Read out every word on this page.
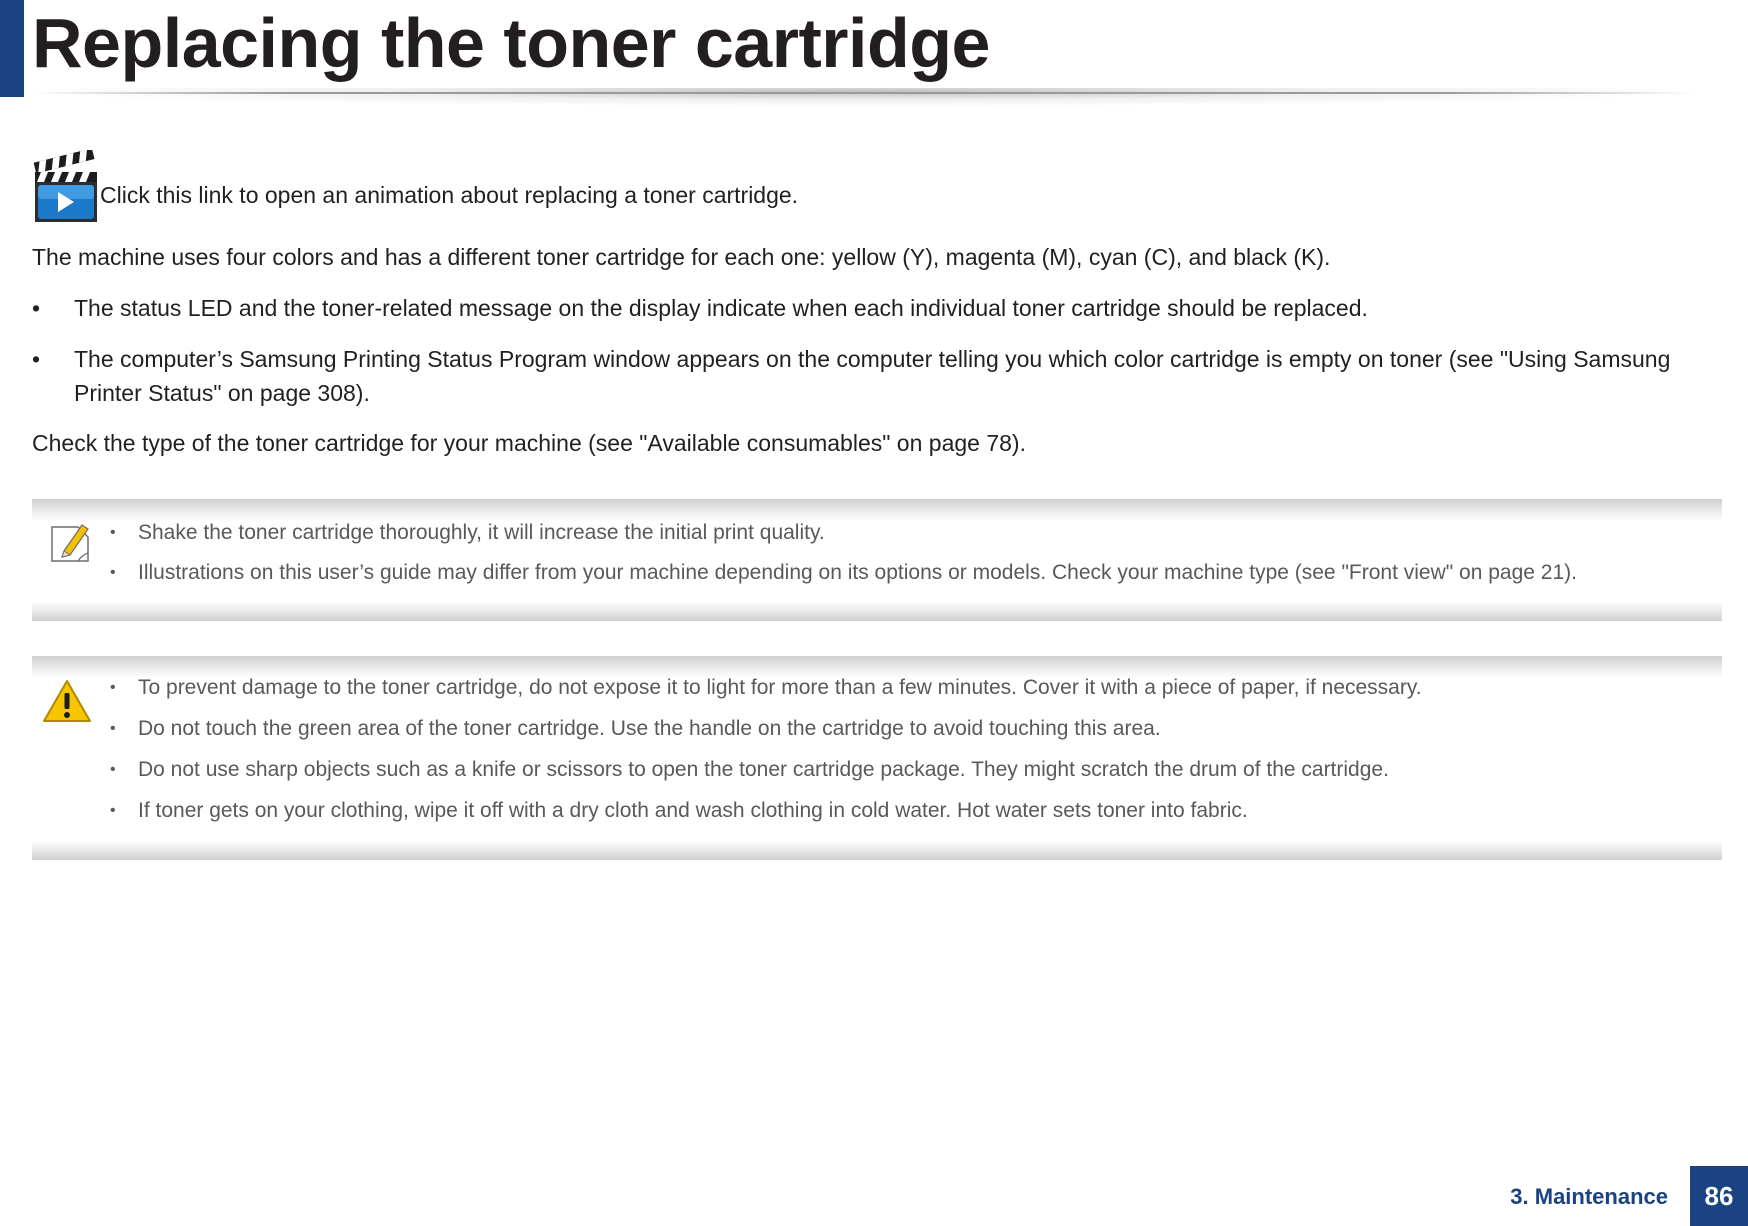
Replacing the toner cartridge
Click this link to open an animation about replacing a toner cartridge.
The machine uses four colors and has a different toner cartridge for each one: yellow (Y), magenta (M), cyan (C), and black (K).
• The status LED and the toner-related message on the display indicate when each individual toner cartridge should be replaced.
• The computer’s Samsung Printing Status Program window appears on the computer telling you which color cartridge is empty on toner (see "Using Samsung Printer Status" on page 308).
Check the type of the toner cartridge for your machine (see "Available consumables" on page 78).
• Shake the toner cartridge thoroughly, it will increase the initial print quality.
• Illustrations on this user’s guide may differ from your machine depending on its options or models. Check your machine type (see "Front view" on page 21).
• To prevent damage to the toner cartridge, do not expose it to light for more than a few minutes. Cover it with a piece of paper, if necessary.
• Do not touch the green area of the toner cartridge. Use the handle on the cartridge to avoid touching this area.
• Do not use sharp objects such as a knife or scissors to open the toner cartridge package. They might scratch the drum of the cartridge.
• If toner gets on your clothing, wipe it off with a dry cloth and wash clothing in cold water. Hot water sets toner into fabric.
3. Maintenance	86
